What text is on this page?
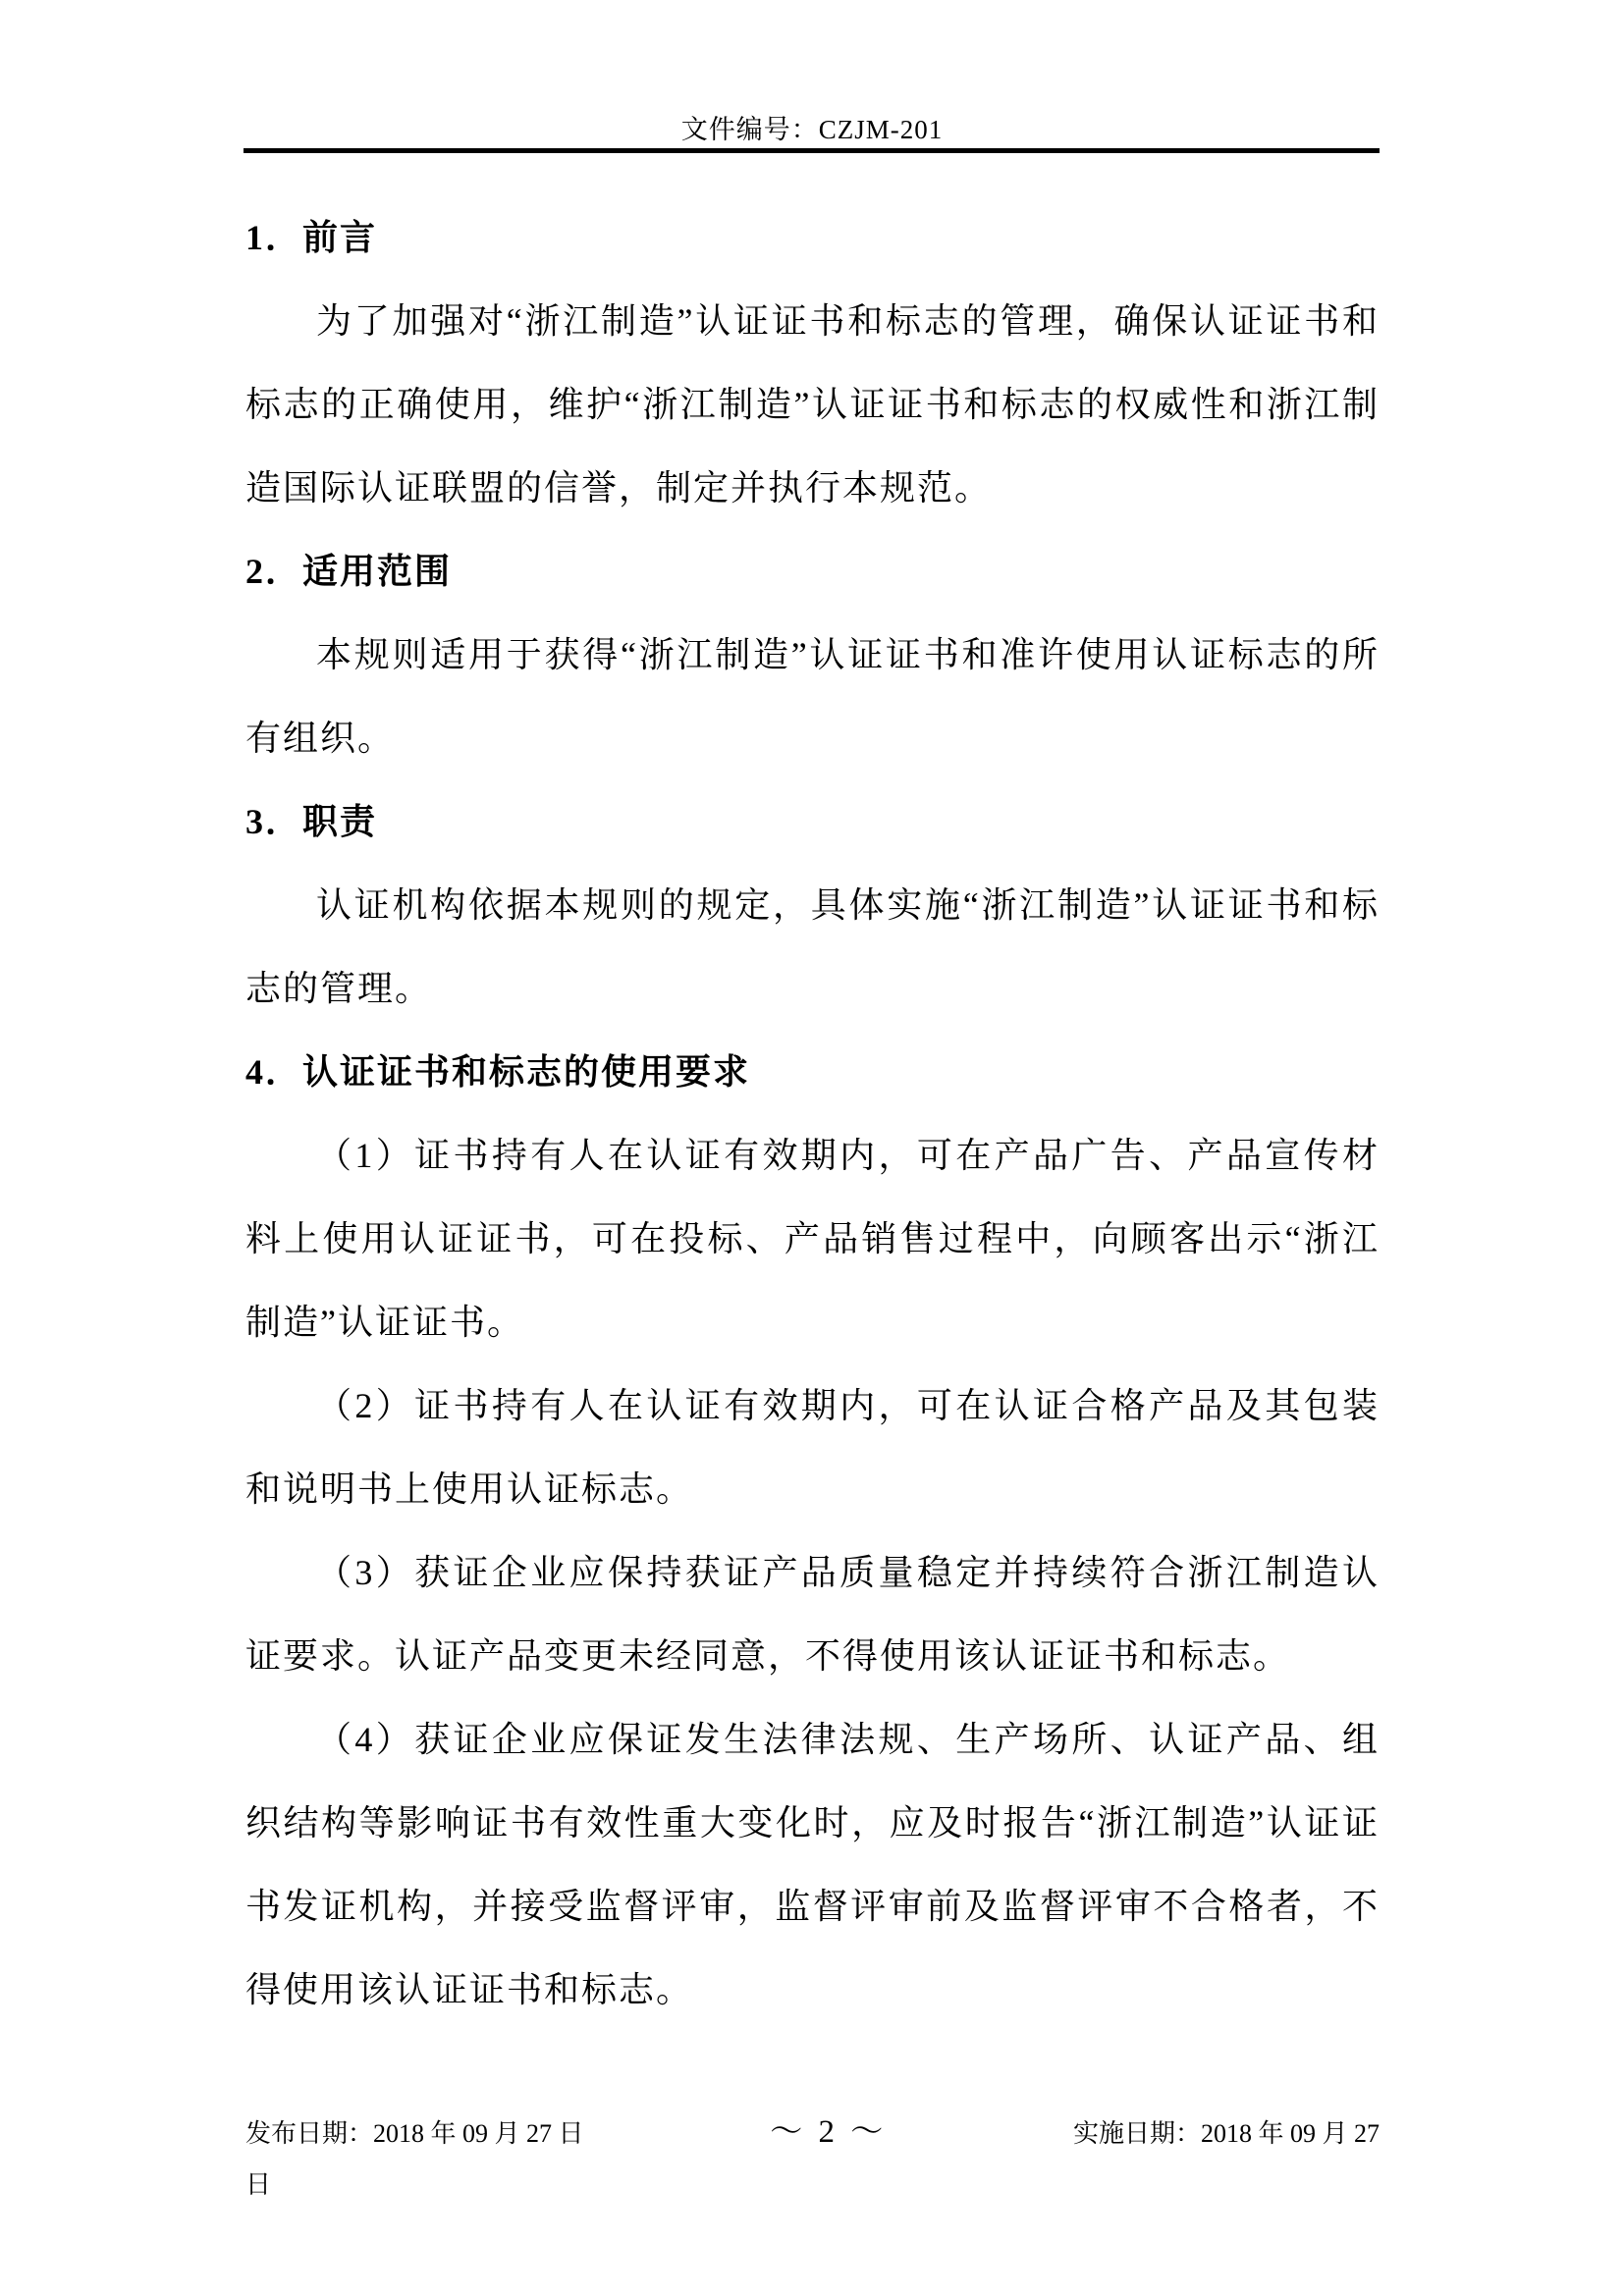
文件编号：CZJM-201
1．前言

为了加强对“浙江制造”认证证书和标志的管理，确保认证证书和标志的正确使用，维护“浙江制造”认证证书和标志的权威性和浙江制造国际认证联盟的信誉，制定并执行本规范。

2．适用范围

本规则适用于获得“浙江制造”认证证书和准许使用认证标志的所有组织。

3．职责

认证机构依据本规则的规定，具体实施“浙江制造”认证证书和标志的管理。

4．认证证书和标志的使用要求

（1）证书持有人在认证有效期内，可在产品广告、产品宣传材料上使用认证证书，可在投标、产品销售过程中，向顾客出示“浙江制造”认证证书。

（2）证书持有人在认证有效期内，可在认证合格产品及其包装和说明书上使用认证标志。

（3）获证企业应保持获证产品质量稳定并持续符合浙江制造认证要求。认证产品变更未经同意，不得使用该认证证书和标志。

（4）获证企业应保证发生法律法规、生产场所、认证产品、组织结构等影响证书有效性重大变化时，应及时报告“浙江制造”认证证书发证机构，并接受监督评审，监督评审前及监督评审不合格者，不得使用该认证证书和标志。

发布日期：2018 年 09 月 27 日	～ 2 ～	实施日期：2018 年 09 月 27
日
